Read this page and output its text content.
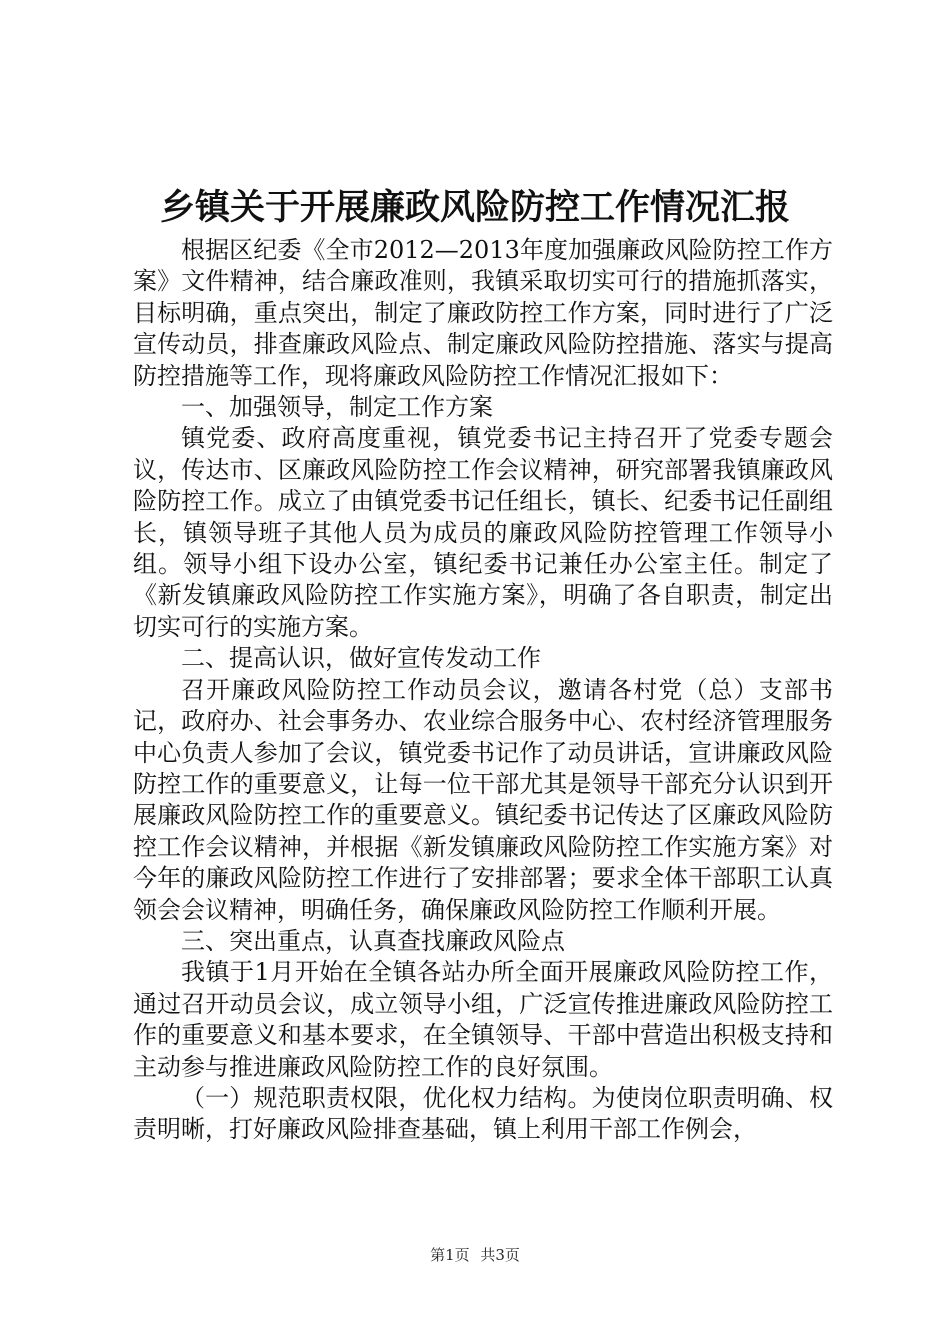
乡镇关于开展廉政风险防控工作情况汇报

根据区纪委《全市2012—2013年度加强廉政风险防控工作方案》文件精神，结合廉政准则，我镇采取切实可行的措施抓落实，目标明确，重点突出，制定了廉政防控工作方案，同时进行了广泛宣传动员，排查廉政风险点、制定廉政风险防控措施、落实与提高防控措施等工作，现将廉政风险防控工作情况汇报如下：

一、加强领导，制定工作方案

镇党委、政府高度重视，镇党委书记主持召开了党委专题会议，传达市、区廉政风险防控工作会议精神，研究部署我镇廉政风险防控工作。成立了由镇党委书记任组长，镇长、纪委书记任副组长，镇领导班子其他人员为成员的廉政风险防控管理工作领导小组。领导小组下设办公室，镇纪委书记兼任办公室主任。制定了《新发镇廉政风险防控工作实施方案》，明确了各自职责，制定出切实可行的实施方案。

二、提高认识，做好宣传发动工作

召开廉政风险防控工作动员会议，邀请各村党（总）支部书记，政府办、社会事务办、农业综合服务中心、农村经济管理服务中心负责人参加了会议，镇党委书记作了动员讲话，宣讲廉政风险防控工作的重要意义，让每一位干部尤其是领导干部充分认识到开展廉政风险防控工作的重要意义。镇纪委书记传达了区廉政风险防控工作会议精神，并根据《新发镇廉政风险防控工作实施方案》对今年的廉政风险防控工作进行了安排部署；要求全体干部职工认真领会会议精神，明确任务，确保廉政风险防控工作顺利开展。

三、突出重点，认真查找廉政风险点

我镇于1月开始在全镇各站办所全面开展廉政风险防控工作，通过召开动员会议，成立领导小组，广泛宣传推进廉政风险防控工作的重要意义和基本要求，在全镇领导、干部中营造出积极支持和主动参与推进廉政风险防控工作的良好氛围。

（一）规范职责权限，优化权力结构。为使岗位职责明确、权责明晰，打好廉政风险排查基础，镇上利用干部工作例会，

第1页 共3页
